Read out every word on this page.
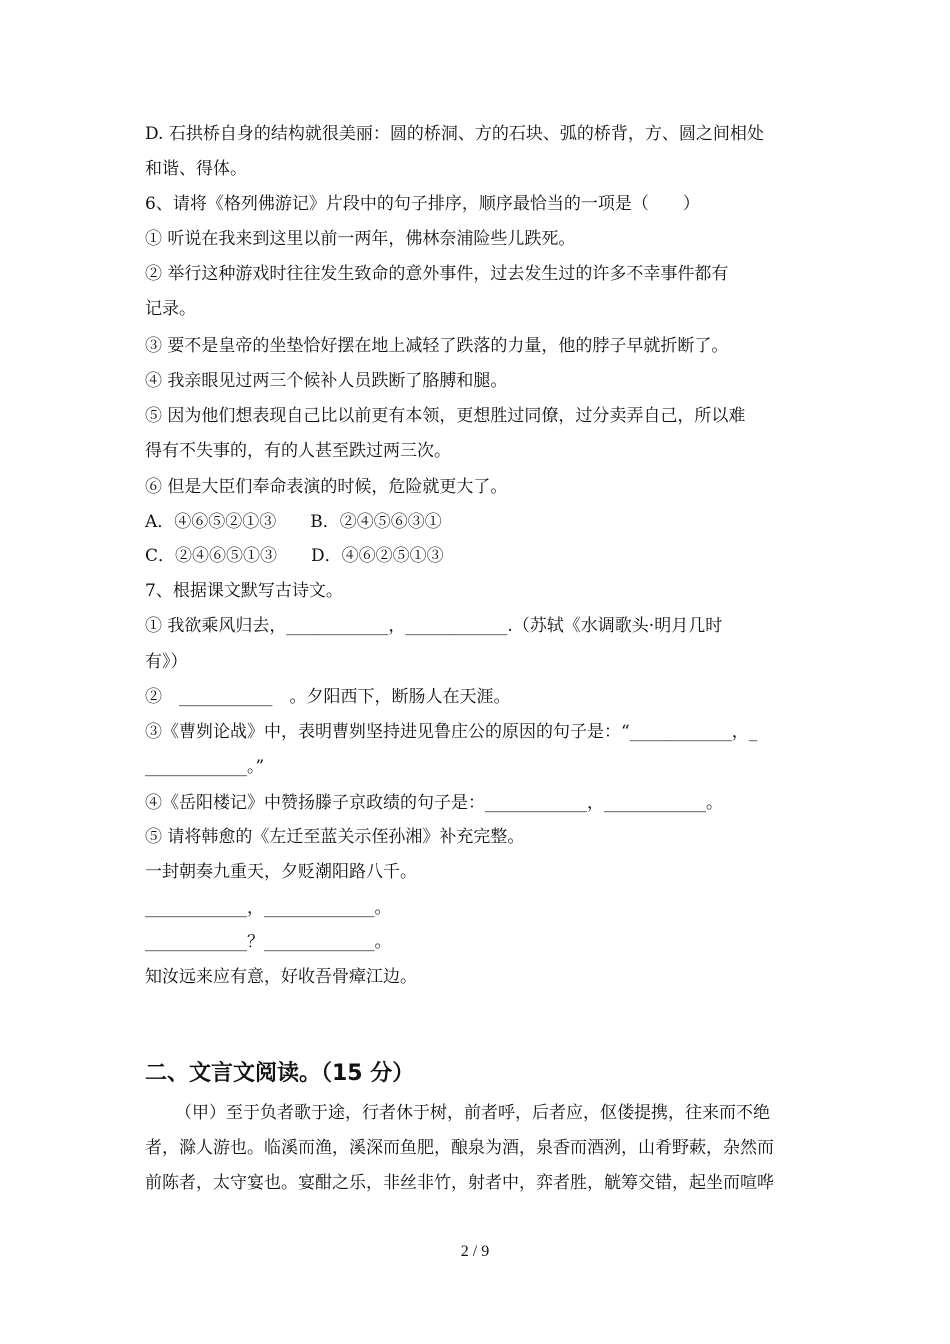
D. 石拱桥自身的结构就很美丽：圆的桥洞、方的石块、弧的桥背，方、圆之间相处
和谐、得体。
6、请将《格列佛游记》片段中的句子排序，顺序最恰当的一项是（　　）
① 听说在我来到这里以前一两年，佛林奈浦险些儿跌死。
② 举行这种游戏时往往发生致命的意外事件，过去发生过的许多不幸事件都有
记录。
③ 要不是皇帝的坐垫恰好摆在地上减轻了跌落的力量，他的脖子早就折断了。
④ 我亲眼见过两三个候补人员跌断了胳膊和腿。
⑤ 因为他们想表现自己比以前更有本领，更想胜过同僚，过分卖弄自己，所以难
得有不失事的，有的人甚至跌过两三次。
⑥ 但是大臣们奉命表演的时候，危险就更大了。
A．④⑥⑤②①③　　B．②④⑤⑥③①
C．②④⑥⑤①③　　D．④⑥②⑤①③
7、根据课文默写古诗文。
① 我欲乘风归去，____________，____________.（苏轼《水调歌头·明月几时
有》）
②　___________　。夕阳西下，断肠人在天涯。
③《曹刿论战》中，表明曹刿坚持进见鲁庄公的原因的句子是：“____________，_
____________。”
④《岳阳楼记》中赞扬滕子京政绩的句子是：____________，____________。
⑤ 请将韩愈的《左迁至蓝关示侄孙湘》补充完整。
一封朝奏九重天，夕贬潮阳路八千。
____________，_____________。
____________？_____________。
知汝远来应有意，好收吾骨瘴江边。
二、文言文阅读。（15 分）
（甲）至于负者歌于途，行者休于树，前者呼，后者应，伛偻提携，往来而不绝
者，滁人游也。临溪而渔，溪深而鱼肥，酿泉为酒，泉香而酒洌，山肴野蔌，杂然而
前陈者，太守宴也。宴酣之乐，非丝非竹，射者中，弈者胜，觥筹交错，起坐而喧哗
2 / 9
